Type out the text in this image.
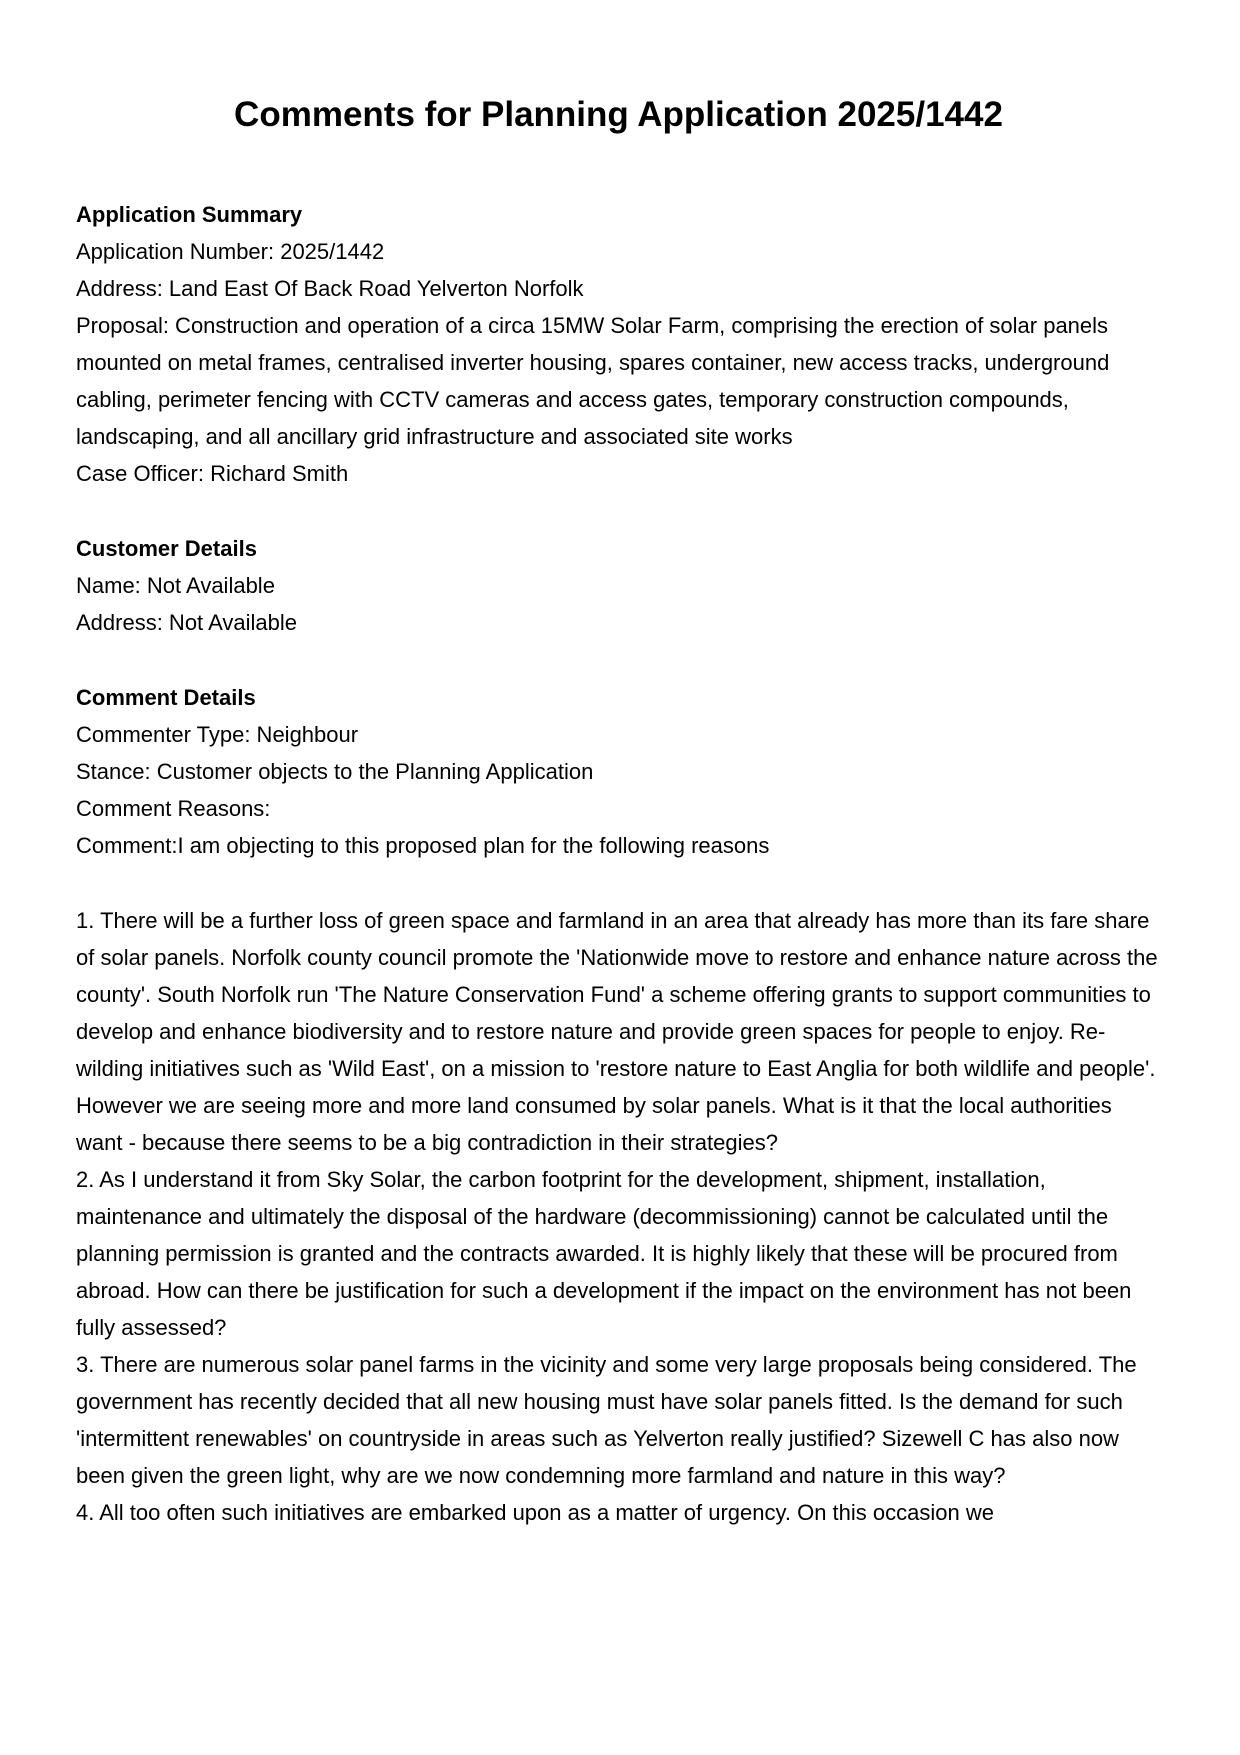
Comments for Planning Application 2025/1442
Application Summary

Application Number: 2025/1442

Address: Land East Of Back Road Yelverton Norfolk

Proposal: Construction and operation of a circa 15MW Solar Farm, comprising the erection of solar panels mounted on metal frames, centralised inverter housing, spares container, new access tracks, underground cabling, perimeter fencing with CCTV cameras and access gates, temporary construction compounds, landscaping, and all ancillary grid infrastructure and associated site works

Case Officer: Richard Smith

Customer Details

Name: Not Available

Address: Not Available

Comment Details

Commenter Type: Neighbour

Stance: Customer objects to the Planning Application

Comment Reasons:

Comment:I am objecting to this proposed plan for the following reasons

1. There will be a further loss of green space and farmland in an area that already has more than its fare share of solar panels. Norfolk county council promote the 'Nationwide move to restore and enhance nature across the county'. South Norfolk run 'The Nature Conservation Fund' a scheme offering grants to support communities to develop and enhance biodiversity and to restore nature and provide green spaces for people to enjoy. Re-wilding initiatives such as 'Wild East', on a mission to 'restore nature to East Anglia for both wildlife and people'. However we are seeing more and more land consumed by solar panels. What is it that the local authorities want - because there seems to be a big contradiction in their strategies?

2. As I understand it from Sky Solar, the carbon footprint for the development, shipment, installation, maintenance and ultimately the disposal of the hardware (decommissioning) cannot be calculated until the planning permission is granted and the contracts awarded. It is highly likely that these will be procured from abroad. How can there be justification for such a development if the impact on the environment has not been fully assessed?

3. There are numerous solar panel farms in the vicinity and some very large proposals being considered. The government has recently decided that all new housing must have solar panels fitted. Is the demand for such 'intermittent renewables' on countryside in areas such as Yelverton really justified? Sizewell C has also now been given the green light, why are we now condemning more farmland and nature in this way?

4. All too often such initiatives are embarked upon as a matter of urgency. On this occasion we
